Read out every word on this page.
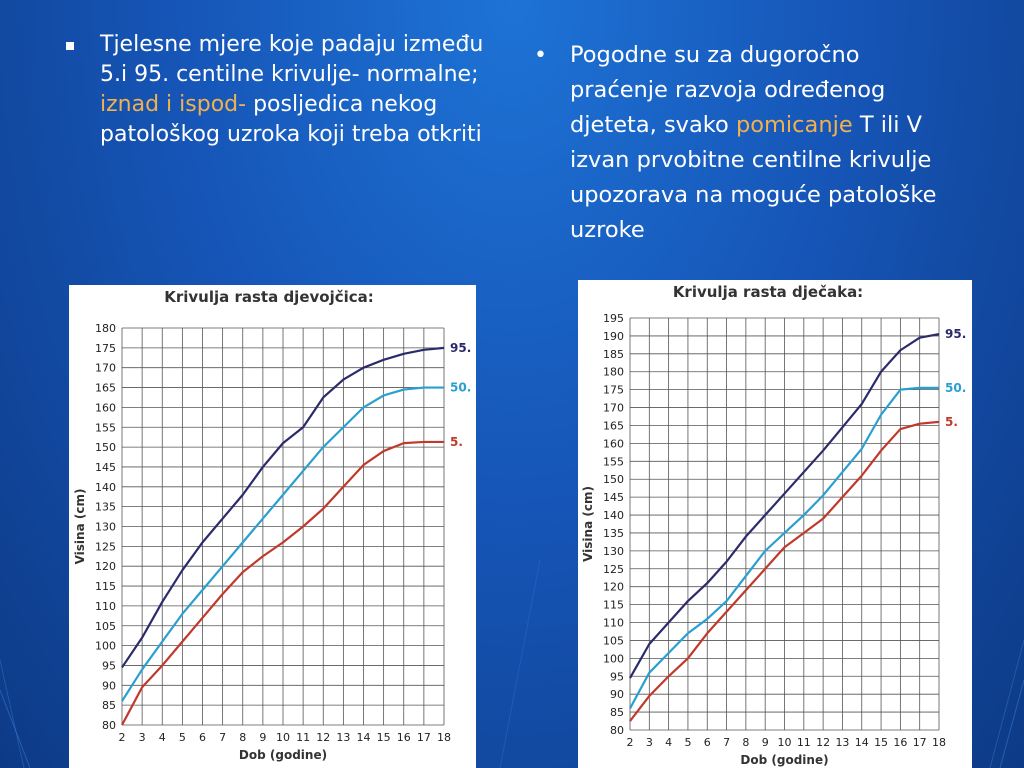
Tjelesne mjere koje padaju između 5.i 95. centilne krivulje- normalne; iznad i ispod- posljedica nekog patološkog uzroka koji treba otkriti
•	Pogodne su za dugoročno praćenje razvoja određenog djeteta, svako pomicanje T ili V izvan prvobitne centilne krivulje upozorava na moguće patološke uzroke
Krivulja rasta djevojčica:
80
85
90
95
100
105
110
115
120
125
130
135
140
145
150
155
160
165
170
175
180
2 3 4 5 6 7 8 9 10 11 12 13 14 15 16 17 18
Dob (godine)
Visina (cm)
95.
50.
5.
Krivulja rasta dječaka:
80
85
90
95
100
105
110
115
120
125
130
135
140
145
150
155
160
165
170
175
180
185
190
195
2 3 4 5 6 7 8 9 10 11 12 13 14 15 16 17 18
Dob (godine)
Visina (cm)
95.
50.
5.
